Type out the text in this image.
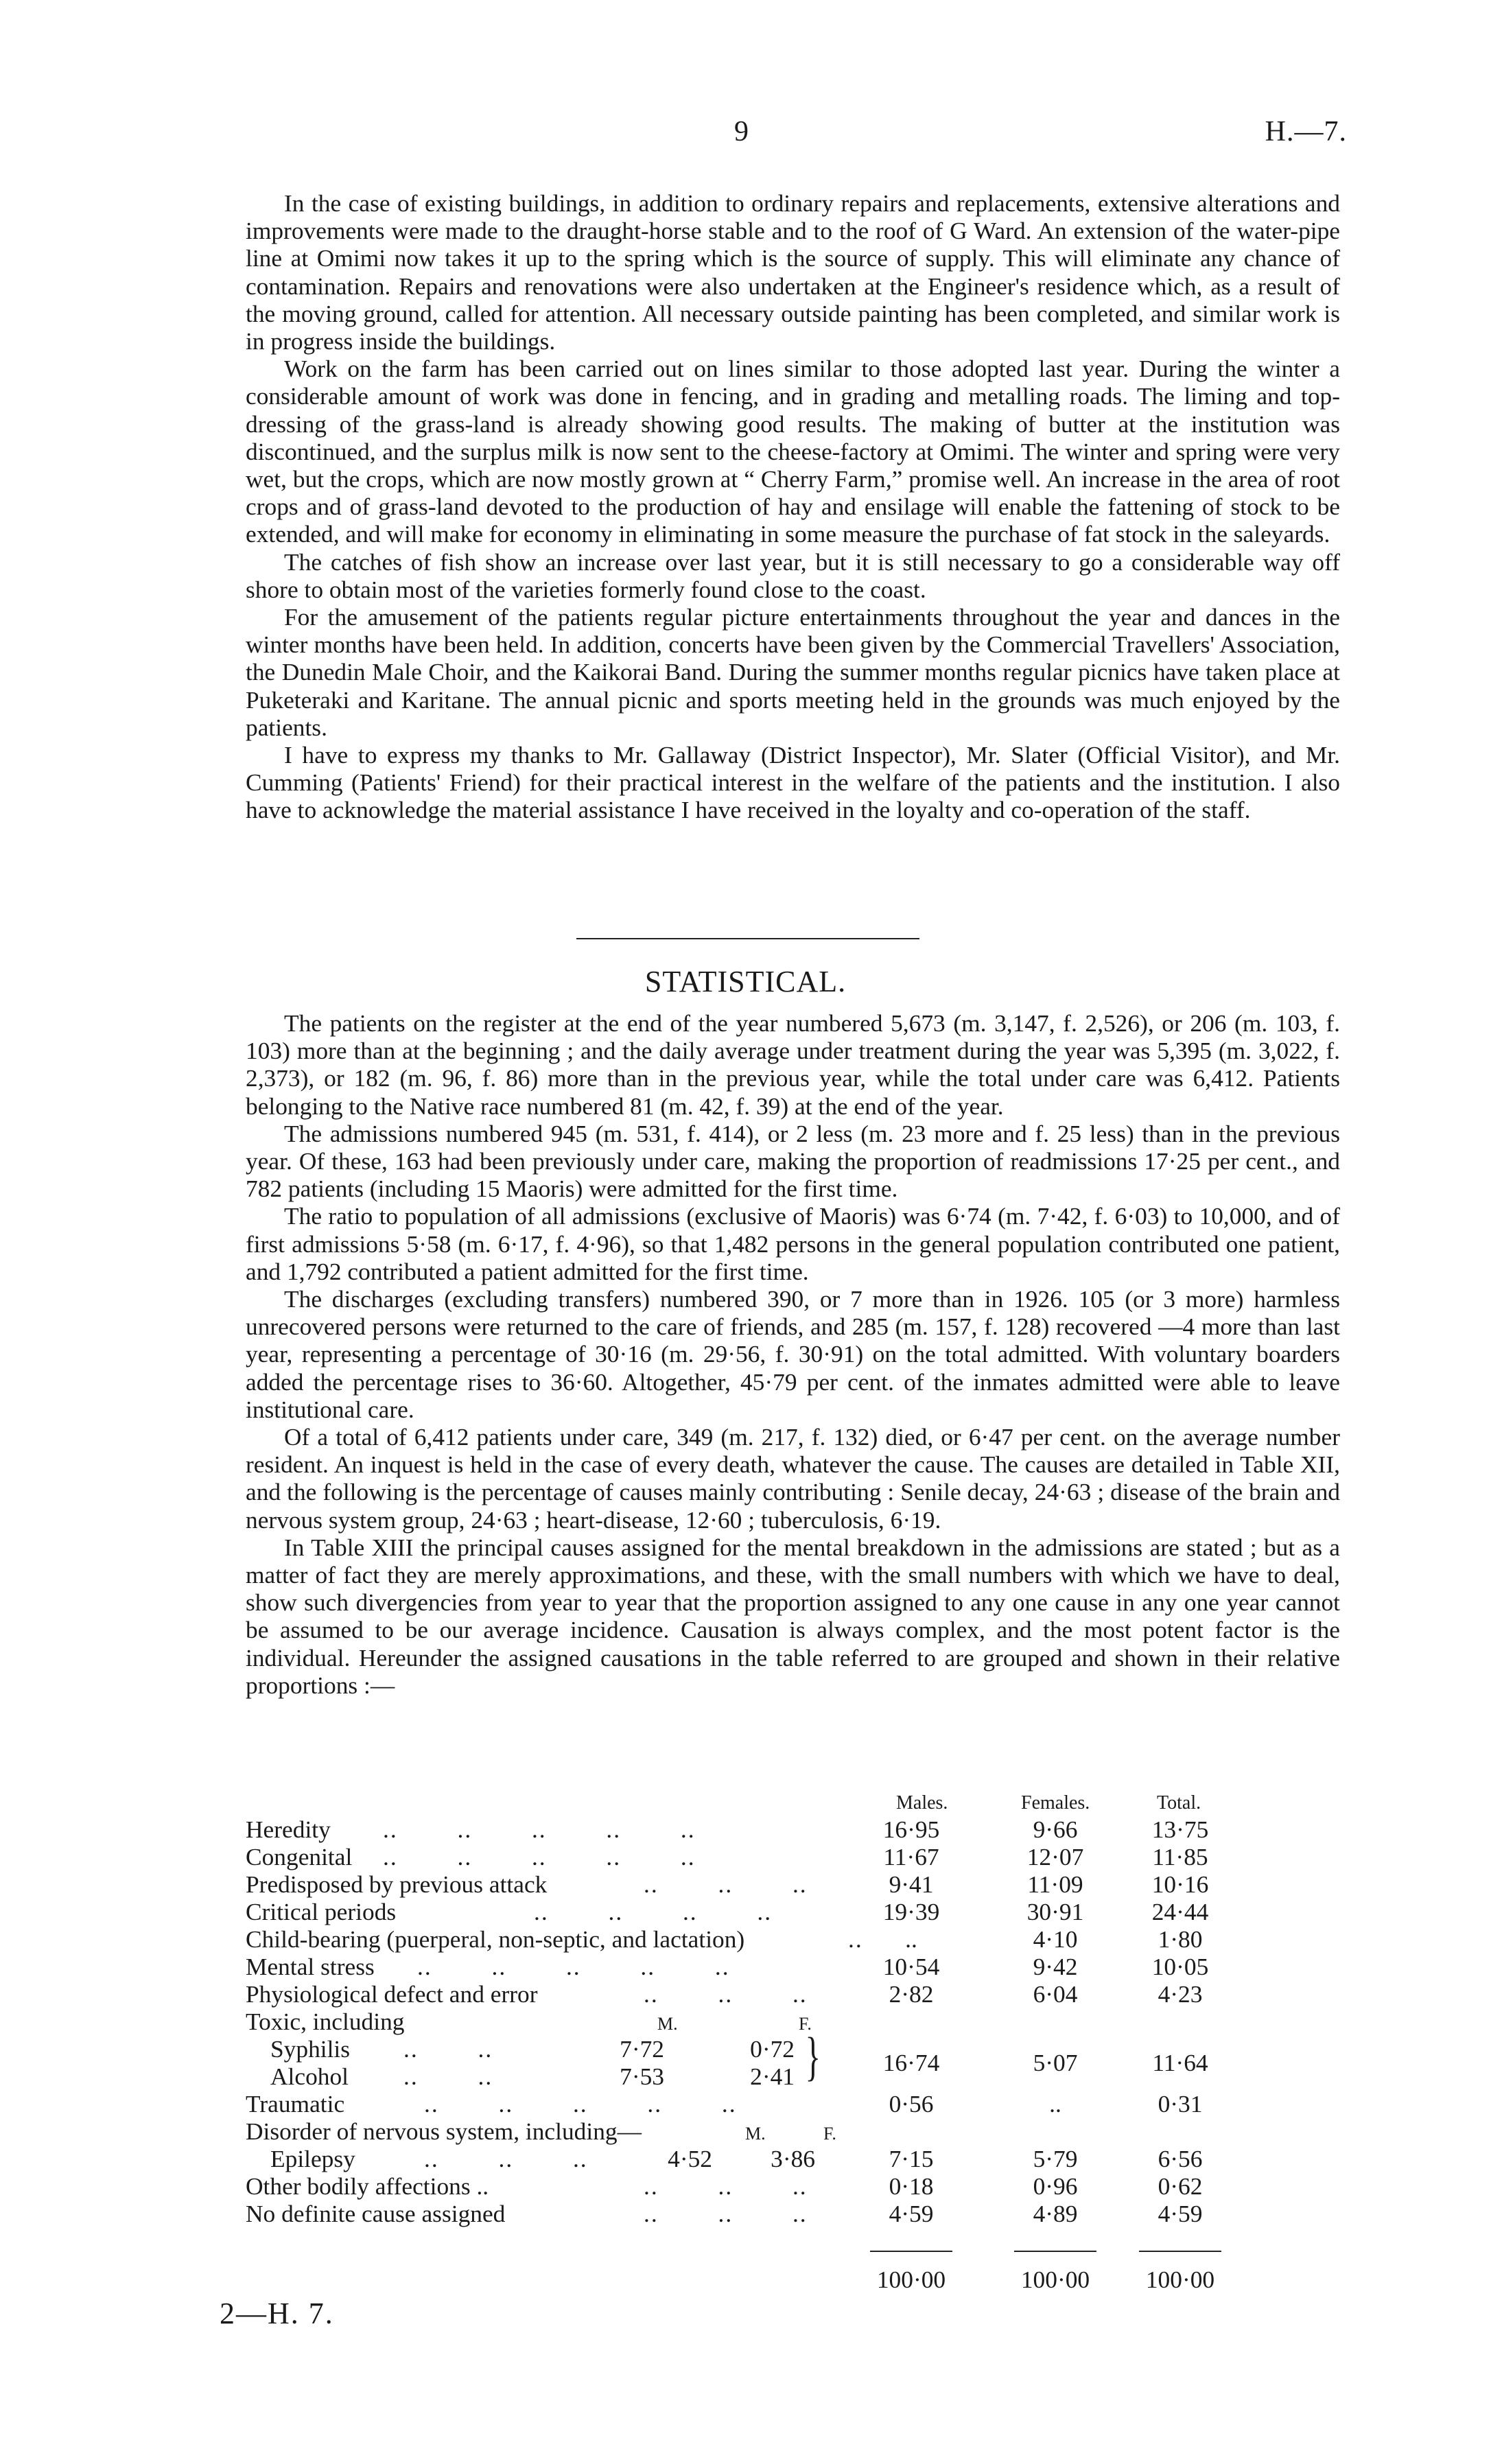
9	H.—7.

In the case of existing buildings, in addition to ordinary repairs and replacements, extensive alterations and improvements were made to the draught-horse stable and to the roof of G Ward. An extension of the water-pipe line at Omimi now takes it up to the spring which is the source of supply. This will eliminate any chance of contamination. Repairs and renovations were also undertaken at the Engineer's residence which, as a result of the moving ground, called for attention. All necessary outside painting has been completed, and similar work is in progress inside the buildings.

Work on the farm has been carried out on lines similar to those adopted last year. During the winter a considerable amount of work was done in fencing, and in grading and metalling roads. The liming and top-dressing of the grass-land is already showing good results. The making of butter at the institution was discontinued, and the surplus milk is now sent to the cheese-factory at Omimi. The winter and spring were very wet, but the crops, which are now mostly grown at “ Cherry Farm,” promise well. An increase in the area of root crops and of grass-land devoted to the production of hay and ensilage will enable the fattening of stock to be extended, and will make for economy in eliminating in some measure the purchase of fat stock in the saleyards.

The catches of fish show an increase over last year, but it is still necessary to go a considerable way off shore to obtain most of the varieties formerly found close to the coast.

For the amusement of the patients regular picture entertainments throughout the year and dances in the winter months have been held. In addition, concerts have been given by the Commercial Travellers' Association, the Dunedin Male Choir, and the Kaikorai Band. During the summer months regular picnics have taken place at Puketeraki and Karitane. The annual picnic and sports meeting held in the grounds was much enjoyed by the patients.

I have to express my thanks to Mr. Gallaway (District Inspector), Mr. Slater (Official Visitor), and Mr. Cumming (Patients' Friend) for their practical interest in the welfare of the patients and the institution. I also have to acknowledge the material assistance I have received in the loyalty and co-operation of the staff.

STATISTICAL.

The patients on the register at the end of the year numbered 5,673 (m. 3,147, f. 2,526), or 206 (m. 103, f. 103) more than at the beginning ; and the daily average under treatment during the year was 5,395 (m. 3,022, f. 2,373), or 182 (m. 96, f. 86) more than in the previous year, while the total under care was 6,412. Patients belonging to the Native race numbered 81 (m. 42, f. 39) at the end of the year.

The admissions numbered 945 (m. 531, f. 414), or 2 less (m. 23 more and f. 25 less) than in the previous year. Of these, 163 had been previously under care, making the proportion of readmissions 17·25 per cent., and 782 patients (including 15 Maoris) were admitted for the first time.

The ratio to population of all admissions (exclusive of Maoris) was 6·74 (m. 7·42, f. 6·03) to 10,000, and of first admissions 5·58 (m. 6·17, f. 4·96), so that 1,482 persons in the general population contributed one patient, and 1,792 contributed a patient admitted for the first time.

The discharges (excluding transfers) numbered 390, or 7 more than in 1926. 105 (or 3 more) harmless unrecovered persons were returned to the care of friends, and 285 (m. 157, f. 128) recovered —4 more than last year, representing a percentage of 30·16 (m. 29·56, f. 30·91) on the total admitted. With voluntary boarders added the percentage rises to 36·60. Altogether, 45·79 per cent. of the inmates admitted were able to leave institutional care.

Of a total of 6,412 patients under care, 349 (m. 217, f. 132) died, or 6·47 per cent. on the average number resident. An inquest is held in the case of every death, whatever the cause. The causes are detailed in Table XII, and the following is the percentage of causes mainly contributing : Senile decay, 24·63 ; disease of the brain and nervous system group, 24·63 ; heart-disease, 12·60 ; tuberculosis, 6·19.

In Table XIII the principal causes assigned for the mental breakdown in the admissions are stated ; but as a matter of fact they are merely approximations, and these, with the small numbers with which we have to deal, show such divergencies from year to year that the proportion assigned to any one cause in any one year cannot be assumed to be our average incidence. Causation is always complex, and the most potent factor is the individual. Hereunder the assigned causations in the table referred to are grouped and shown in their relative proportions :—

Males.	Females.	Total.
Heredity ..        ..        ..        ..        ..	16·95	9·66	13·75
Congenital ..        ..        ..        ..        ..	11·67	12·07	11·85
Predisposed by previous attack	..        ..        ..	9·41	11·09	10·16
Critical periods	..        ..        ..        ..	19·39	30·91	24·44
Child-bearing (puerperal, non-septic, and lactation)	..	..	4·10	1·80
Mental stress ..        ..        ..        ..        ..	10·54	9·42	10·05
Physiological defect and error	..        ..        ..	2·82	6·04	4·23
Toxic, including	M.	F.
Syphilis ..        ..	7·72	0·72
Alcohol ..        ..	7·53	2·41 }	16·74	5·07	11·64
Traumatic	..        ..        ..        ..        ..	0·56	..	0·31
Disorder of nervous system, including—	M.	F.
Epilepsy	..        ..        ..	4·52	3·86	7·15	5·79	6·56
Other bodily affections ..	..        ..        ..	0·18	0·96	0·62
No definite cause assigned	..        ..        ..	4·59	4·89	4·59
100·00	100·00	100·00
2—H. 7.
